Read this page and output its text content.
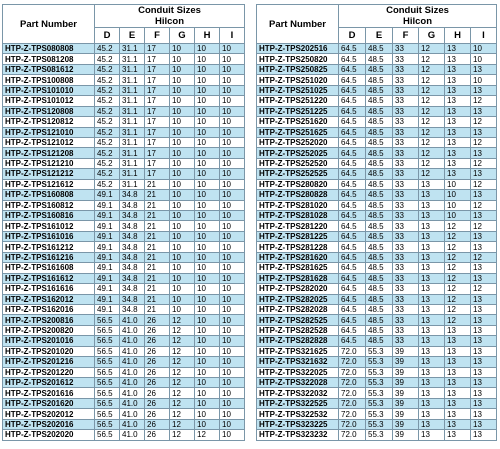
Part Number	Conduit Sizes
Hilcon					
	D	E	F	G	H	I
HTP-Z-TPS080808	45.2	31.1	17	10	10	10
HTP-Z-TPS081208	45.2	31.1	17	10	10	10
HTP-Z-TPS081612	45.2	31.1	17	10	10	10
HTP-Z-TPS100808	45.2	31.1	17	10	10	10
HTP-Z-TPS101010	45.2	31.1	17	10	10	10
HTP-Z-TPS101012	45.2	31.1	17	10	10	10
HTP-Z-TPS120808	45.2	31.1	17	10	10	10
HTP-Z-TPS120812	45.2	31.1	17	10	10	10
HTP-Z-TPS121010	45.2	31.1	17	10	10	10
HTP-Z-TPS121012	45.2	31.1	17	10	10	10
HTP-Z-TPS121208	45.2	31.1	17	10	10	10
HTP-Z-TPS121210	45.2	31.1	17	10	10	10
HTP-Z-TPS121212	45.2	31.1	17	10	10	10
HTP-Z-TPS121612	45.2	31.1	21	10	10	10
HTP-Z-TPS160808	49.1	34.8	21	10	10	10
HTP-Z-TPS160812	49.1	34.8	21	10	10	10
HTP-Z-TPS160816	49.1	34.8	21	10	10	10
HTP-Z-TPS161012	49.1	34.8	21	10	10	10
HTP-Z-TPS161016	49.1	34.8	21	10	10	10
HTP-Z-TPS161212	49.1	34.8	21	10	10	10
HTP-Z-TPS161216	49.1	34.8	21	10	10	10
HTP-Z-TPS161608	49.1	34.8	21	10	10	10
HTP-Z-TPS161612	49.1	34.8	21	10	10	10
HTP-Z-TPS161616	49.1	34.8	21	10	10	10
HTP-Z-TPS162012	49.1	34.8	21	10	10	10
HTP-Z-TPS162016	49.1	34.8	21	10	10	10
HTP-Z-TPS200816	56.5	41.0	26	12	10	10
HTP-Z-TPS200820	56.5	41.0	26	12	10	10
HTP-Z-TPS201016	56.5	41.0	26	12	10	10
HTP-Z-TPS201020	56.5	41.0	26	12	10	10
HTP-Z-TPS201216	56.5	41.0	26	12	10	10
HTP-Z-TPS201220	56.5	41.0	26	12	10	10
HTP-Z-TPS201612	56.5	41.0	26	12	10	10
HTP-Z-TPS201616	56.5	41.0	26	12	10	10
HTP-Z-TPS201620	56.5	41.0	26	12	10	10
HTP-Z-TPS202012	56.5	41.0	26	12	10	10
HTP-Z-TPS202016	56.5	41.0	26	12	10	10
HTP-Z-TPS202020	56.5	41.0	26	12	12	10
Part Number	Conduit Sizes
Hilcon					
	D	E	F	G	H	I
HTP-Z-TPS202516	64.5	48.5	33	12	13	10
HTP-Z-TPS250820	64.5	48.5	33	12	13	10
HTP-Z-TPS250825	64.5	48.5	33	12	13	13
HTP-Z-TPS251020	64.5	48.5	33	12	13	10
HTP-Z-TPS251025	64.5	48.5	33	12	13	13
HTP-Z-TPS251220	64.5	48.5	33	12	13	12
HTP-Z-TPS251225	64.5	48.5	33	12	13	13
HTP-Z-TPS251620	64.5	48.5	33	12	13	12
HTP-Z-TPS251625	64.5	48.5	33	12	13	13
HTP-Z-TPS252020	64.5	48.5	33	12	13	12
HTP-Z-TPS252025	64.5	48.5	33	12	13	13
HTP-Z-TPS252520	64.5	48.5	33	12	13	12
HTP-Z-TPS252525	64.5	48.5	33	12	13	13
HTP-Z-TPS280820	64.5	48.5	33	13	10	12
HTP-Z-TPS280828	64.5	48.5	33	13	10	13
HTP-Z-TPS281020	64.5	48.5	33	13	10	12
HTP-Z-TPS281028	64.5	48.5	33	13	10	13
HTP-Z-TPS281220	64.5	48.5	33	13	12	12
HTP-Z-TPS281225	64.5	48.5	33	13	12	13
HTP-Z-TPS281228	64.5	48.5	33	13	12	13
HTP-Z-TPS281620	64.5	48.5	33	13	12	12
HTP-Z-TPS281625	64.5	48.5	33	13	12	13
HTP-Z-TPS281628	64.5	48.5	33	13	12	13
HTP-Z-TPS282020	64.5	48.5	33	13	12	12
HTP-Z-TPS282025	64.5	48.5	33	13	12	13
HTP-Z-TPS282028	64.5	48.5	33	13	12	13
HTP-Z-TPS282525	64.5	48.5	33	13	12	13
HTP-Z-TPS282528	64.5	48.5	33	13	13	13
HTP-Z-TPS282828	64.5	48.5	33	13	13	13
HTP-Z-TPS321625	72.0	55.3	39	13	13	13
HTP-Z-TPS321632	72.0	55.3	39	13	13	13
HTP-Z-TPS322025	72.0	55.3	39	13	13	13
HTP-Z-TPS322028	72.0	55.3	39	13	13	13
HTP-Z-TPS322032	72.0	55.3	39	13	13	13
HTP-Z-TPS322525	72.0	55.3	39	13	13	13
HTP-Z-TPS322532	72.0	55.3	39	13	13	13
HTP-Z-TPS323225	72.0	55.3	39	13	13	13
HTP-Z-TPS323232	72.0	55.3	39	13	13	13
